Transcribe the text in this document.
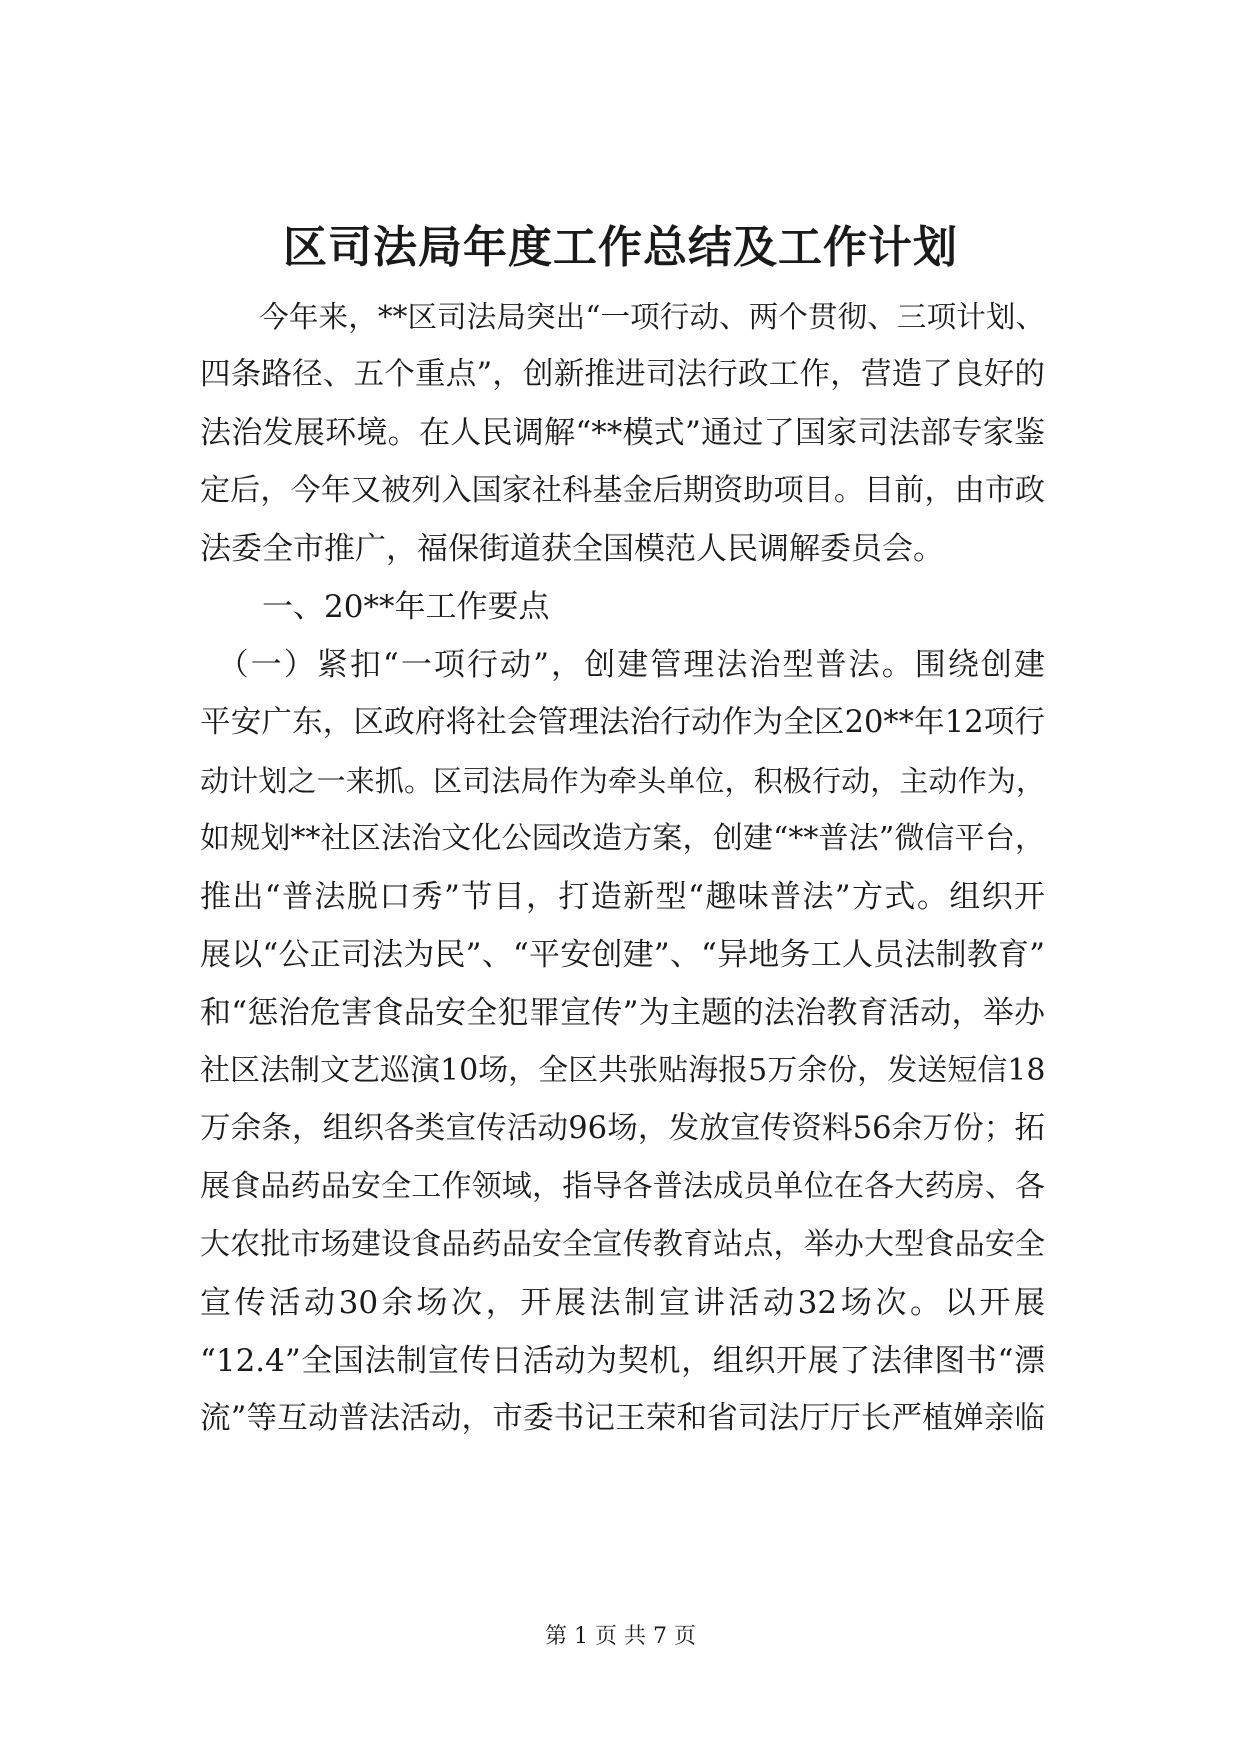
区司法局年度工作总结及工作计划
　　今年来，**区司法局突出“一项行动、两个贯彻、三项计划、
四条路径、五个重点”，创新推进司法行政工作，营造了良好的
法治发展环境。在人民调解“**模式”通过了国家司法部专家鉴
定后，今年又被列入国家社科基金后期资助项目。目前，由市政
法委全市推广，福保街道获全国模范人民调解委员会。
　　一、20**年工作要点
　（一）紧扣“一项行动”，创建管理法治型普法。围绕创建
平安广东，区政府将社会管理法治行动作为全区20**年12项行
动计划之一来抓。区司法局作为牵头单位，积极行动，主动作为，
如规划**社区法治文化公园改造方案，创建“**普法”微信平台，
推出“普法脱口秀”节目，打造新型“趣味普法”方式。组织开
展以“公正司法为民”、“平安创建”、“异地务工人员法制教育”
和“惩治危害食品安全犯罪宣传”为主题的法治教育活动，举办
社区法制文艺巡演10场，全区共张贴海报5万余份，发送短信18
万余条，组织各类宣传活动96场，发放宣传资料56余万份；拓
展食品药品安全工作领域，指导各普法成员单位在各大药房、各
大农批市场建设食品药品安全宣传教育站点，举办大型食品安全
宣传活动30余场次，开展法制宣讲活动32场次。以开展
“12.4”全国法制宣传日活动为契机，组织开展了法律图书“漂
流”等互动普法活动，市委书记王荣和省司法厅厅长严植婵亲临
第 1 页 共 7 页
